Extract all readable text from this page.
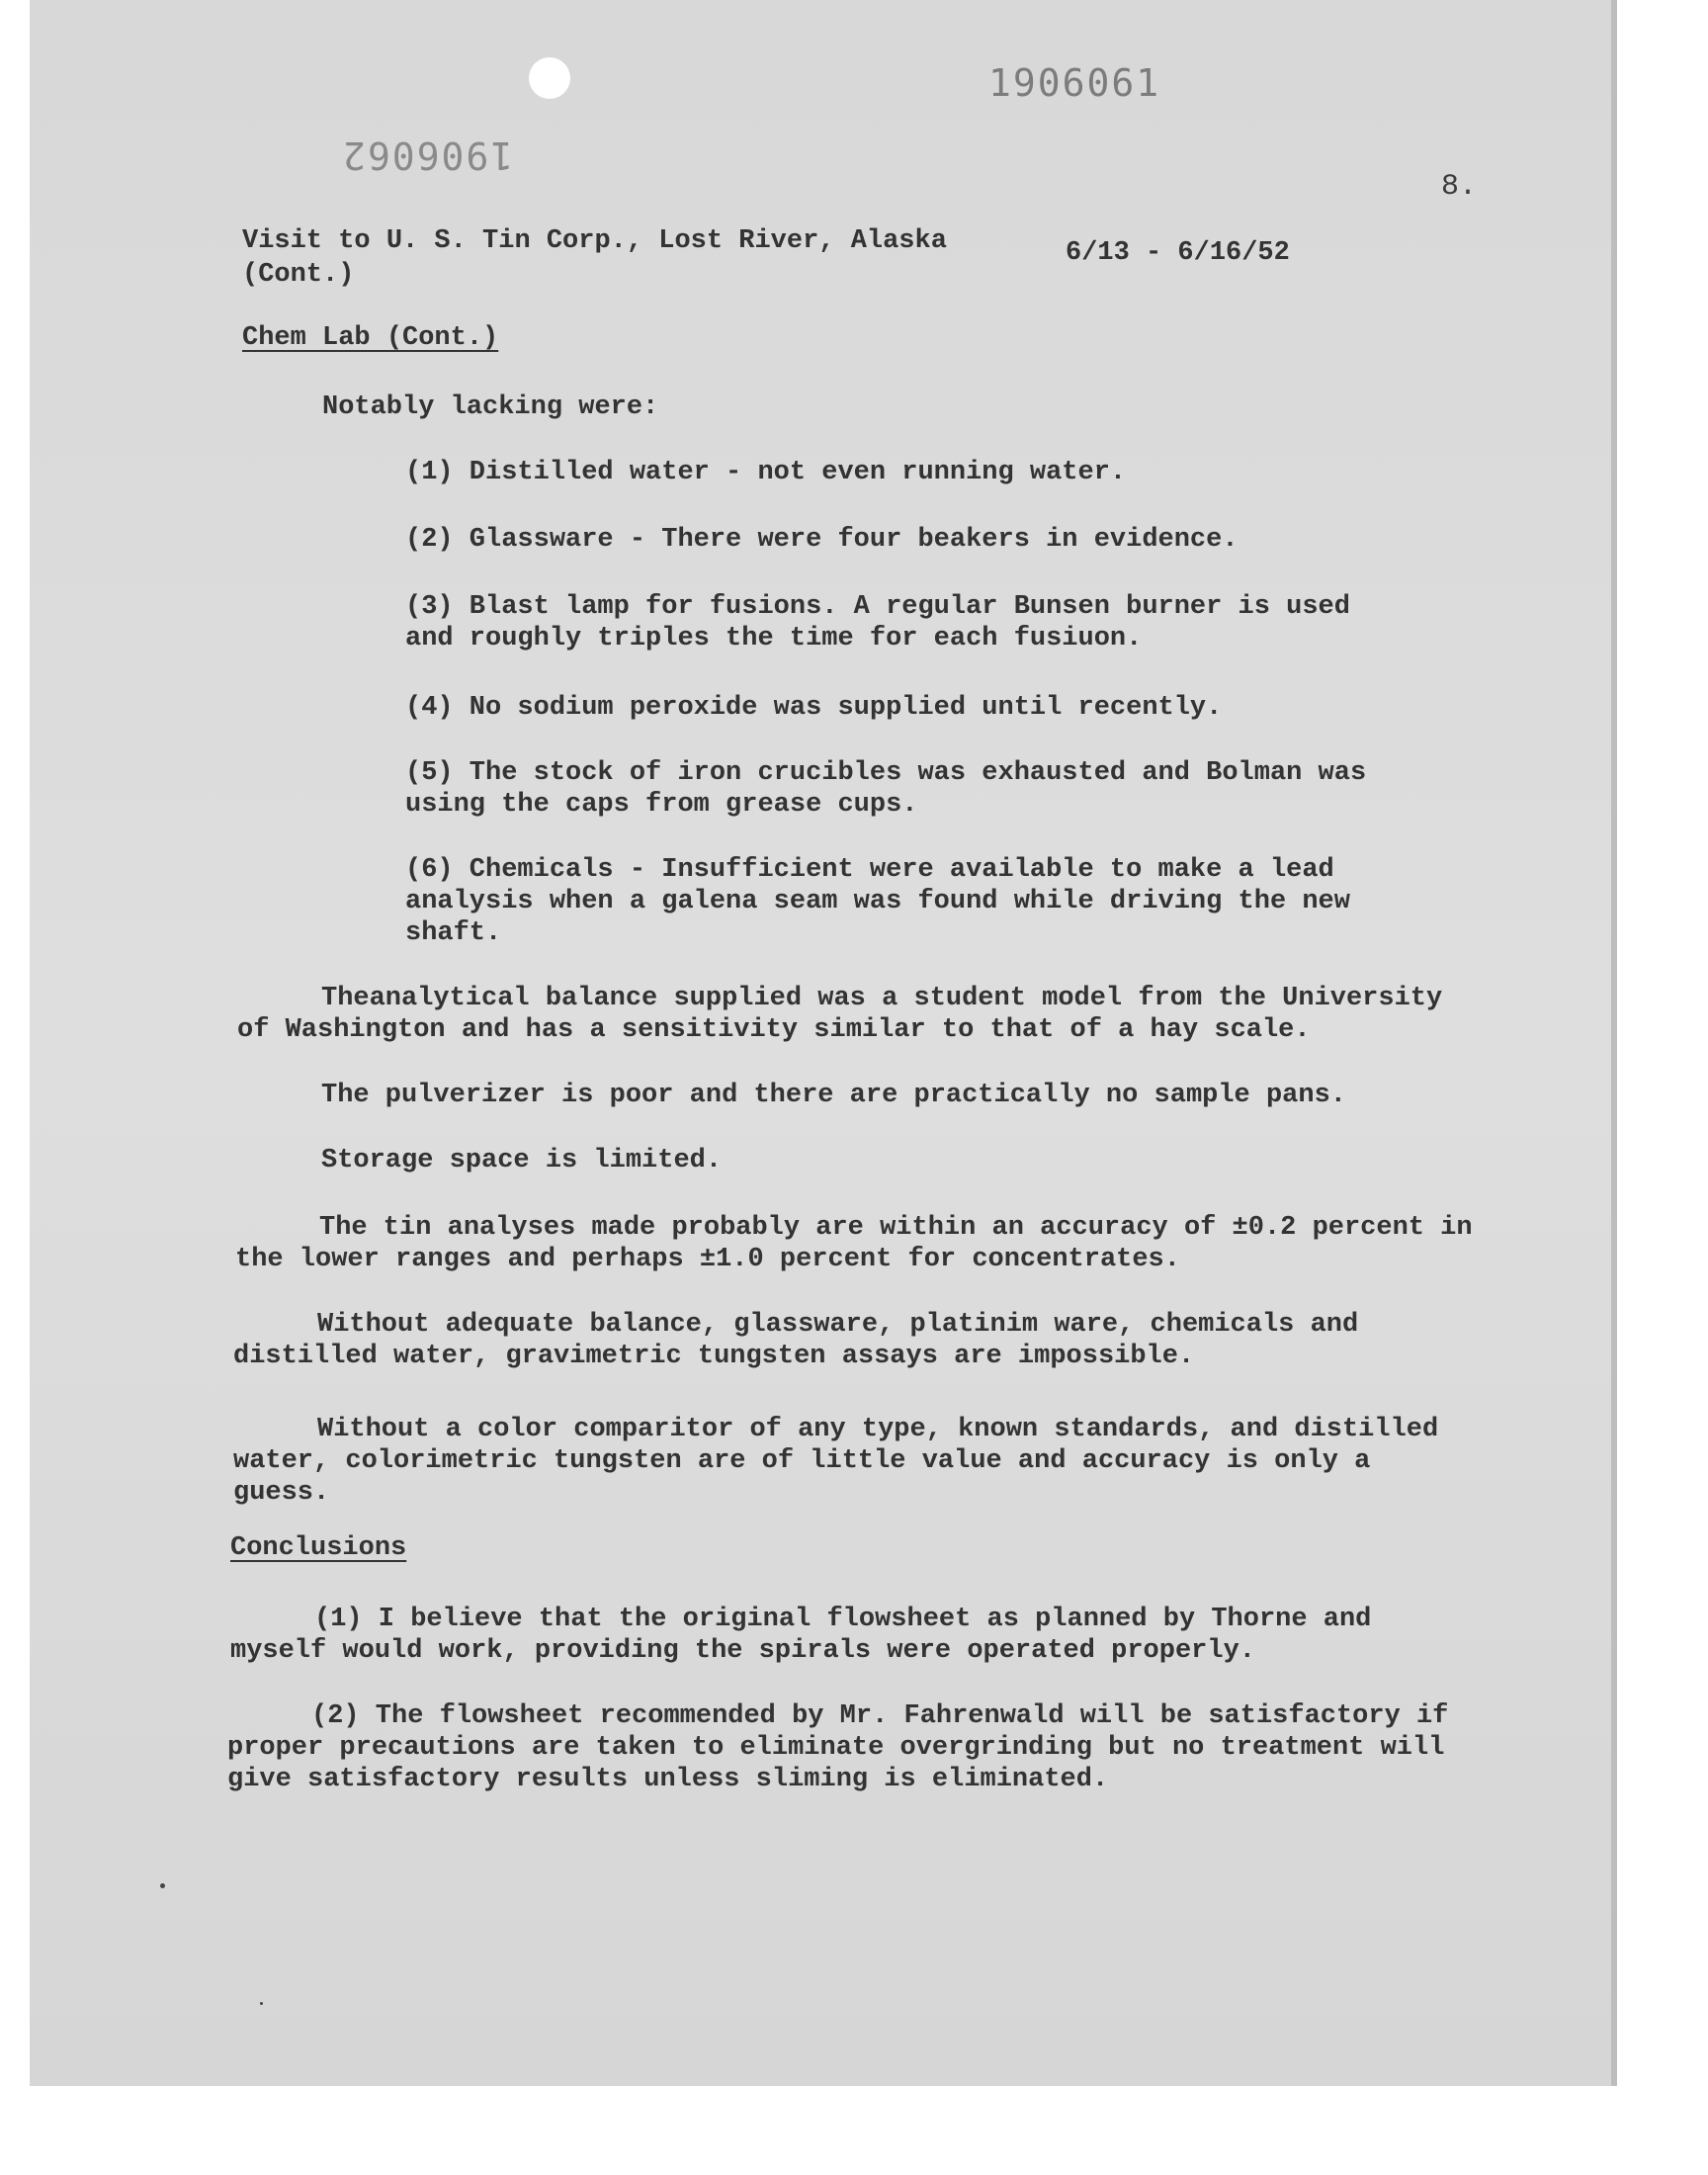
1906061
1906062
8.
Visit to U. S. Tin Corp., Lost River, Alaska
(Cont.)
6/13 - 6/16/52
Chem Lab (Cont.)
Notably lacking were:
(1) Distilled water - not even running water.
(2) Glassware - There were four beakers in evidence.
(3) Blast lamp for fusions. A regular Bunsen burner is used and roughly triples the time for each fusiuon.
(4) No sodium peroxide was supplied until recently.
(5) The stock of iron crucibles was exhausted and Bolman was using the caps from grease cups.
(6) Chemicals - Insufficient were available to make a lead analysis when a galena seam was found while driving the new shaft.
Theanalytical balance supplied was a student model from the University of Washington and has a sensitivity similar to that of a hay scale.
The pulverizer is poor and there are practically no sample pans.
Storage space is limited.
The tin analyses made probably are within an accuracy of ±0.2 percent in the lower ranges and perhaps ±1.0 percent for concentrates.
Without adequate balance, glassware, platinim ware, chemicals and distilled water, gravimetric tungsten assays are impossible.
Without a color comparitor of any type, known standards, and distilled water, colorimetric tungsten are of little value and accuracy is only a guess.
Conclusions
(1) I believe that the original flowsheet as planned by Thorne and myself would work, providing the spirals were operated properly.
(2) The flowsheet recommended by Mr. Fahrenwald will be satisfactory if proper precautions are taken to eliminate overgrinding but no treatment will give satisfactory results unless sliming is eliminated.
